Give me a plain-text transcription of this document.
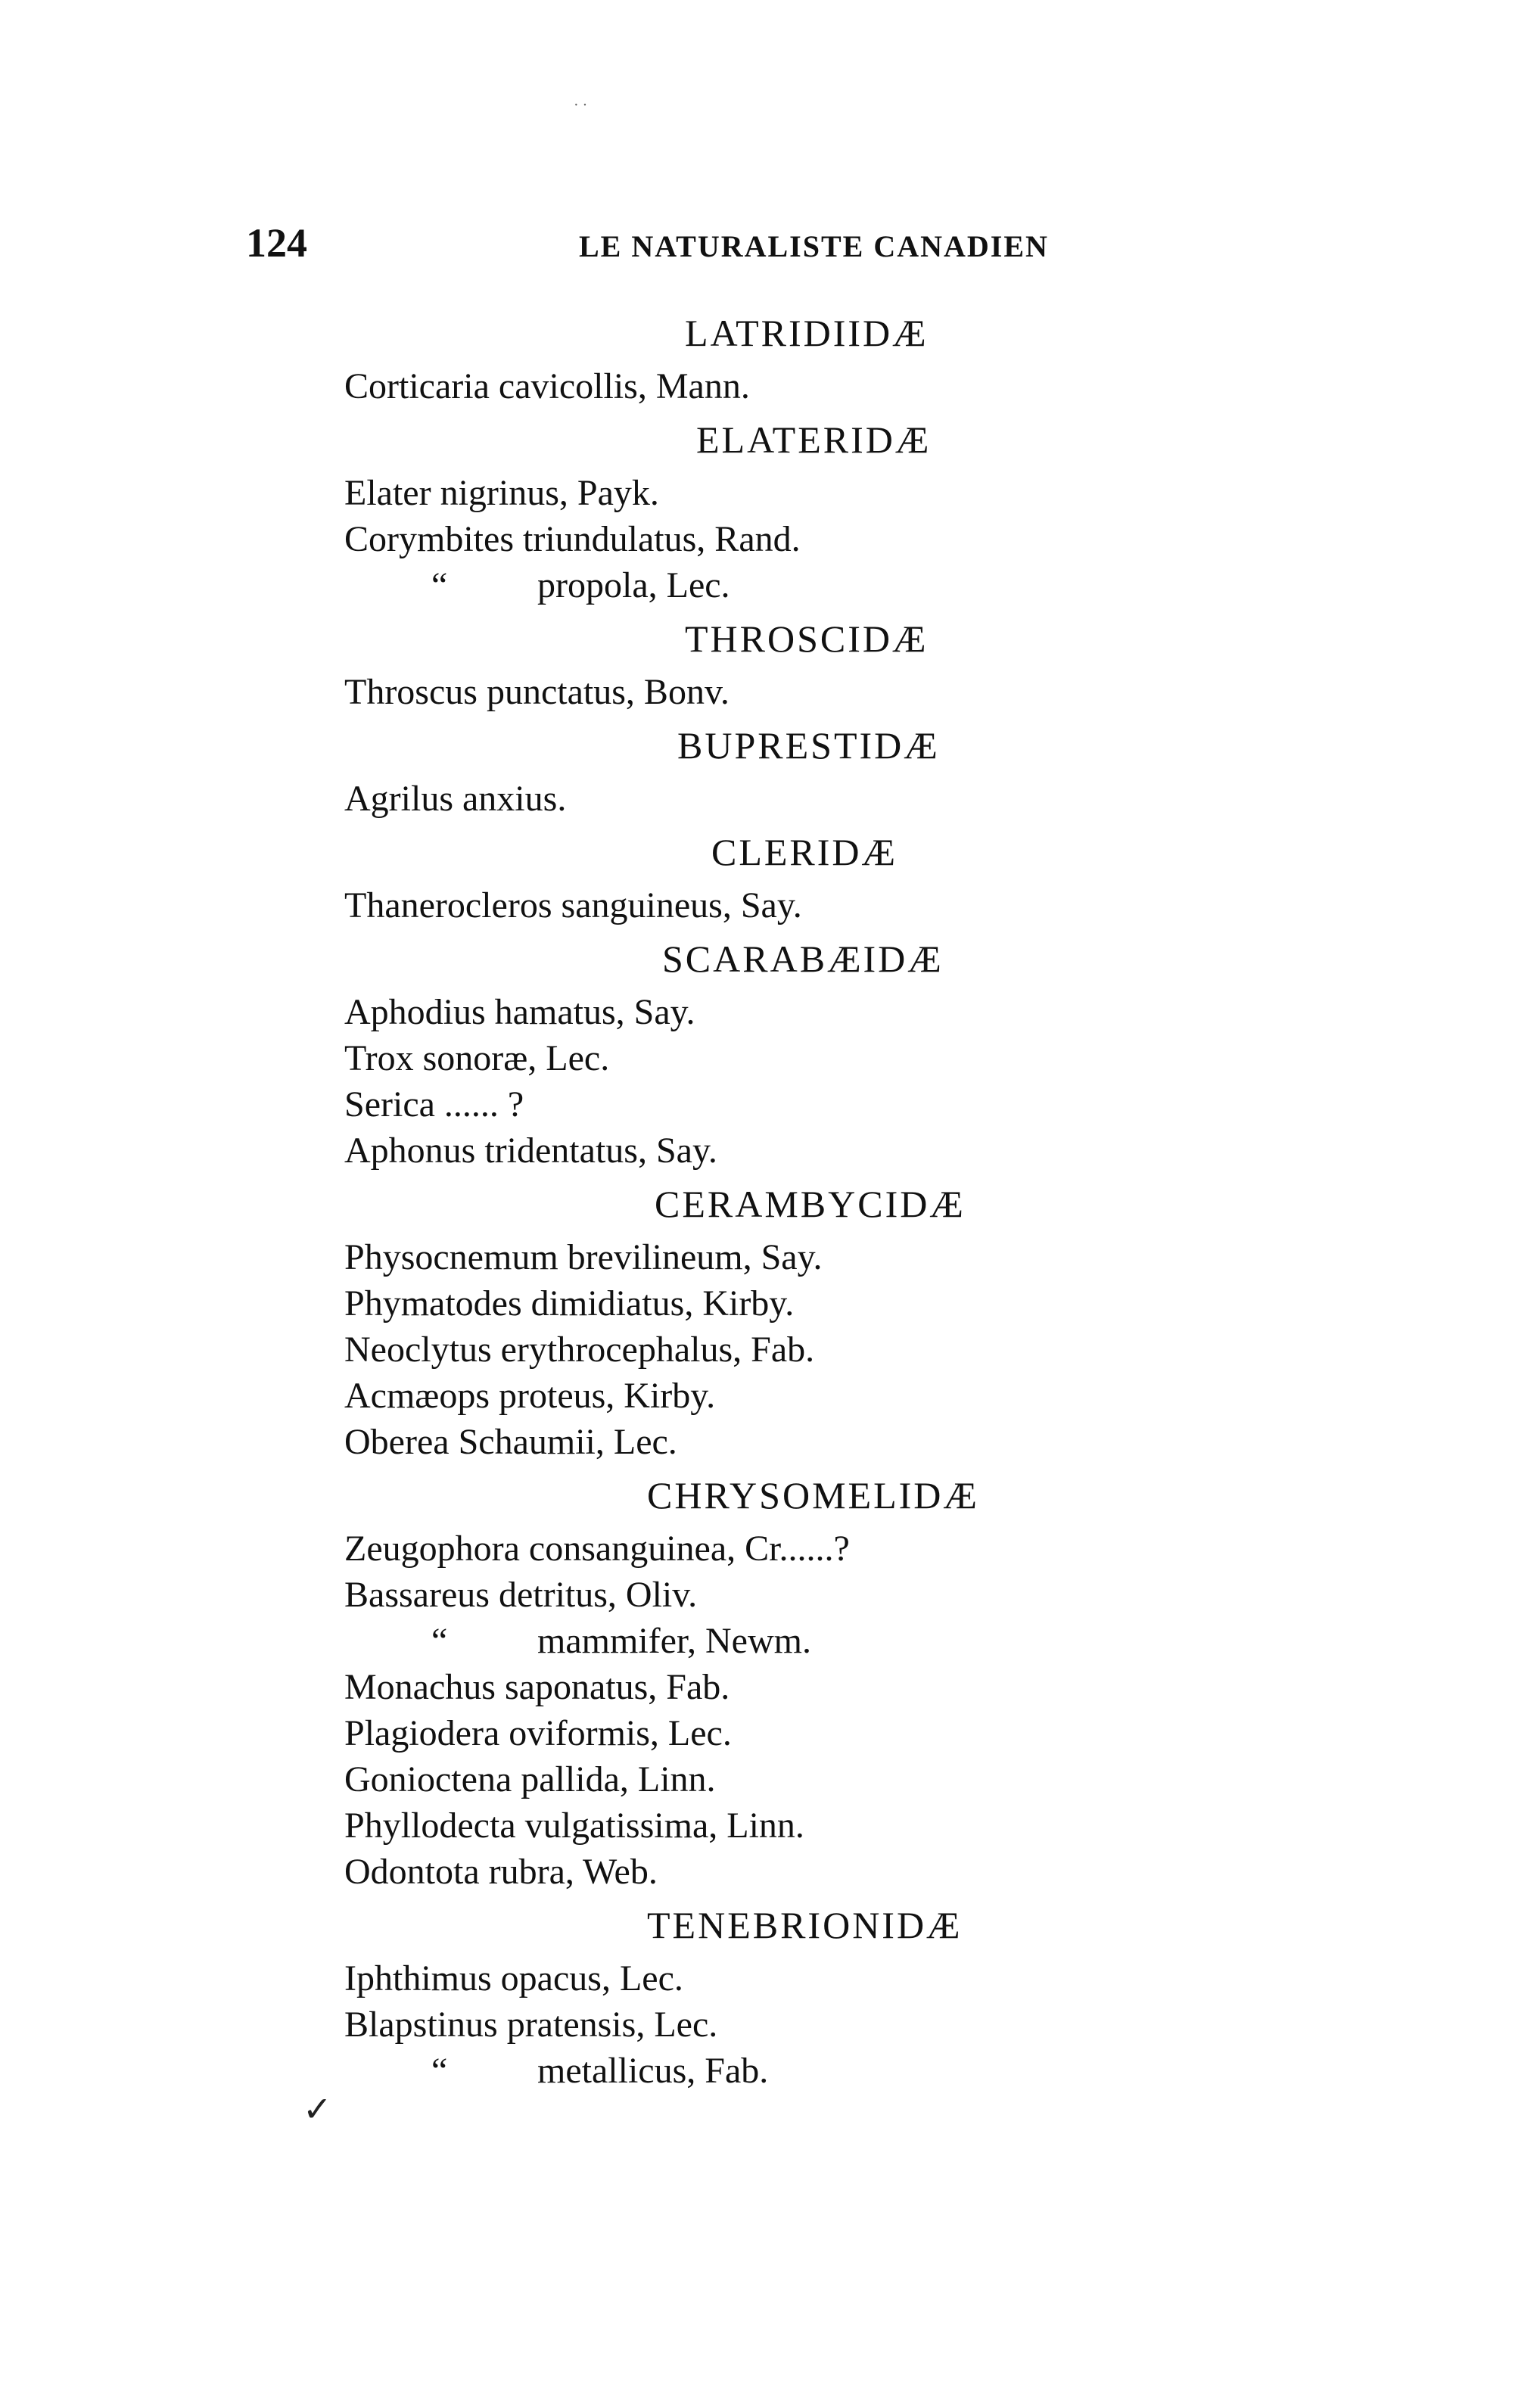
· ·
124	LE NATURALISTE CANADIEN
LATRIDIIDÆ
Corticaria cavicollis, Mann.
ELATERIDÆ
Elater nigrinus, Payk.
Corymbites triundulatus, Rand.
“ propola, Lec.
THROSCIDÆ
Throscus punctatus, Bonv.
BUPRESTIDÆ
Agrilus anxius.
CLERIDÆ
Thanerocleros sanguineus, Say.
SCARABÆIDÆ
Aphodius hamatus, Say.
Trox sonoræ, Lec.
Serica ...... ?
Aphonus tridentatus, Say.
CERAMBYCIDÆ
Physocnemum brevilineum, Say.
Phymatodes dimidiatus, Kirby.
Neoclytus erythrocephalus, Fab.
Acmæops proteus, Kirby.
Oberea Schaumii, Lec.
CHRYSOMELIDÆ
Zeugophora consanguinea, Cr......?
Bassareus detritus, Oliv.
“ mammifer, Newm.
Monachus saponatus, Fab.
Plagiodera oviformis, Lec.
Gonioctena pallida, Linn.
Phyllodecta vulgatissima, Linn.
Odontota rubra, Web.
TENEBRIONIDÆ
Iphthimus opacus, Lec.
Blapstinus pratensis, Lec.
“ metallicus, Fab.
✓
